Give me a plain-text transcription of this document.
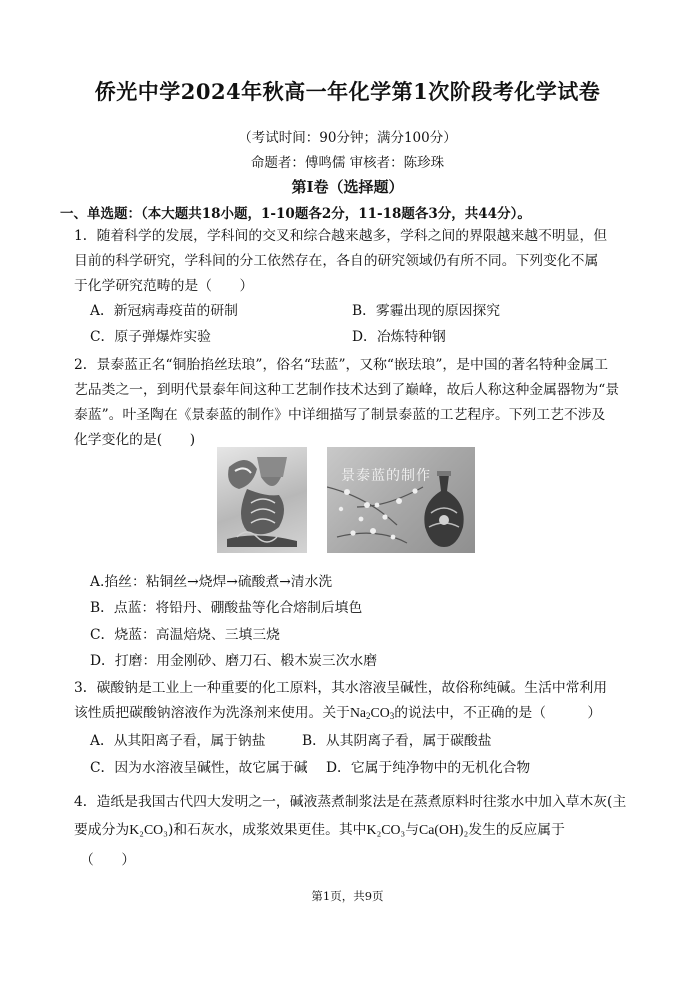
侨光中学2024年秋高一年化学第1次阶段考化学试卷
（考试时间：90分钟；满分100分）
命题者：傅鸣儒 审核者：陈珍珠
第I卷（选择题）
一、单选题：（本大题共18小题，1-10题各2分，11-18题各3分，共44分）。
1．随着科学的发展，学科间的交叉和综合越来越多，学科之间的界限越来越不明显，但
目前的科学研究，学科间的分工依然存在，各自的研究领域仍有所不同。下列变化不属
于化学研究范畴的是（　　）
A．新冠病毒疫苗的研制	B．雾霾出现的原因探究
C．原子弹爆炸实验	D．冶炼特种钢
2．景泰蓝正名“铜胎掐丝珐琅”，俗名“珐蓝”，又称“嵌珐琅”，是中国的著名特种金属工
艺品类之一，到明代景泰年间这种工艺制作技术达到了巅峰，故后人称这种金属器物为“景
泰蓝”。叶圣陶在《景泰蓝的制作》中详细描写了制景泰蓝的工艺程序。下列工艺不涉及
化学变化的是(　　)
景泰蓝的制作
A.掐丝：粘铜丝→烧焊→硫酸煮→清水洗
B．点蓝：将铅丹、硼酸盐等化合熔制后填色
C．烧蓝：高温焙烧、三填三烧
D．打磨：用金刚砂、磨刀石、椴木炭三次水磨
3．碳酸钠是工业上一种重要的化工原料，其水溶液呈碱性，故俗称纯碱。生活中常利用
该性质把碳酸钠溶液作为洗涤剂来使用。关于$Na_2CO_3$的说法中，不正确的是（　　　）
A．从其阳离子看，属于钠盐	B．从其阴离子看，属于碳酸盐
C．因为水溶液呈碱性，故它属于碱 D．它属于纯净物中的无机化合物
4．造纸是我国古代四大发明之一，碱液蒸煮制浆法是在蒸煮原料时往浆水中加入草木灰(主
要成分为K₂CO₃)和石灰水，成浆效果更佳。其中K₂CO₃与Ca(OH)₂发生的反应属于
（　　）
第1页，共9页
